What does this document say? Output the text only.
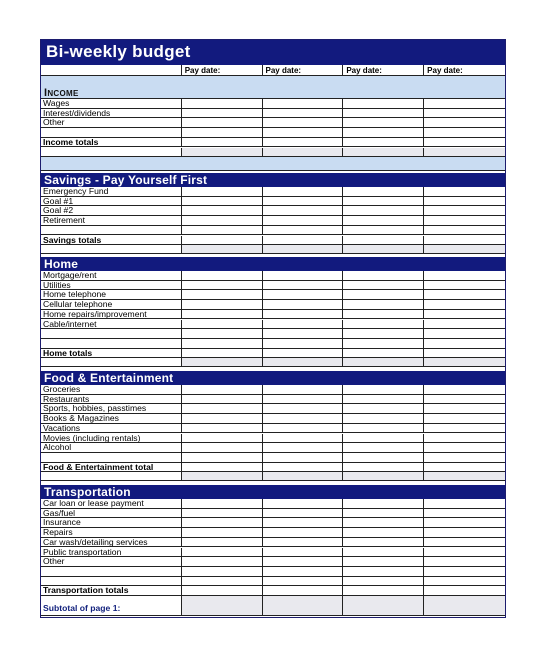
Bi-weekly budget
Pay date:	Pay date:	Pay date:	Pay date:
Income
Wages
Interest/dividends
Other
Income totals
Savings - Pay Yourself First
Emergency Fund
Goal #1
Goal #2
Retirement
Savings totals
Home
Mortgage/rent
Utilities
Home telephone
Cellular telephone
Home repairs/improvement
Cable/internet
Home totals
Food & Entertainment
Groceries
Restaurants
Sports, hobbies, passtimes
Books & Magazines
Vacations
Movies (including rentals)
Alcohol
Food & Entertainment total
Transportation
Car loan or lease payment
Gas/fuel
Insurance
Repairs
Car wash/detailing services
Public transportation
Other
Transportation totals
Subtotal of page 1:
